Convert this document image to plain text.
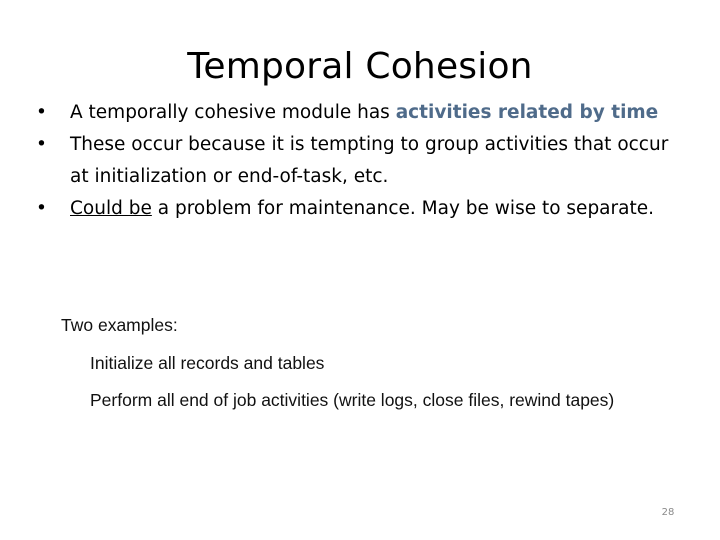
Temporal Cohesion
•	A temporally cohesive module has activities related by time
•	These occur because it is tempting to group activities that occur at initialization or end-of-task, etc.
•	Could be a problem for maintenance. May be wise to separate.
Two examples:
Initialize all records and tables
Perform all end of job activities (write logs, close files, rewind tapes)
28
